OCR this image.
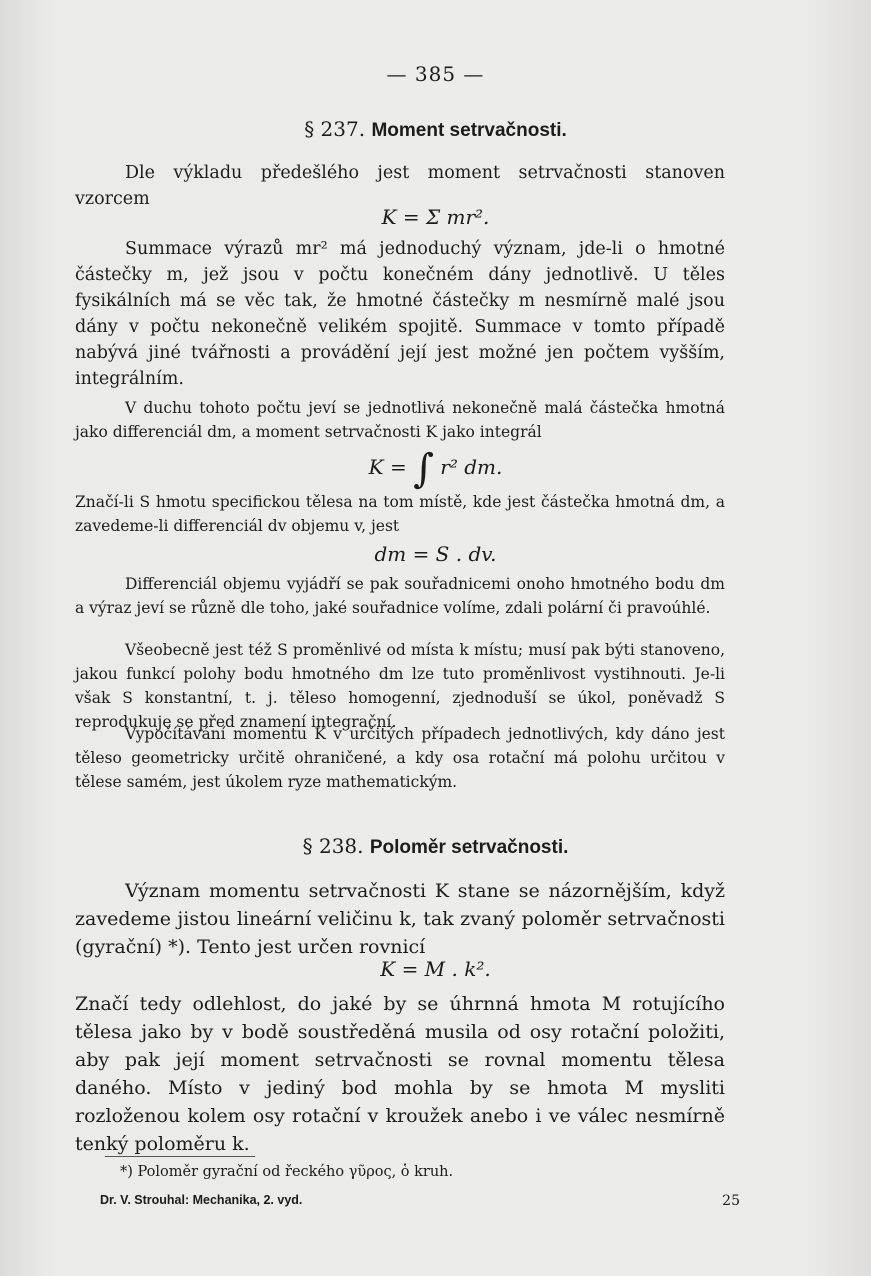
— 385 —
§ 237. Moment setrvačnosti.

Dle výkladu předešlého jest moment setrvačnosti stanoven vzorcem

K = Σ mr².

Summace výrazů mr² má jednoduchý význam, jde-li o hmotné částečky m, jež jsou v počtu konečném dány jednotlivě. U těles fysikálních má se věc tak, že hmotné částečky m nesmírně malé jsou dány v počtu nekonečně velikém spojitě. Summace v tomto případě nabývá jiné tvářnosti a provádění její jest možné jen počtem vyšším, integrálním.

V duchu tohoto počtu jeví se jednotlivá nekonečně malá částečka hmotná jako differenciál dm, a moment setrvačnosti K jako integrál

K = ∫ r² dm.

Značí-li S hmotu specifickou tělesa na tom místě, kde jest částečka hmotná dm, a zavedeme-li differenciál dv objemu v, jest

dm = S . dv.

Differenciál objemu vyjádří se pak souřadnicemi onoho hmotného bodu dm a výraz jeví se různě dle toho, jaké souřadnice volíme, zdali polární či pravoúhlé.

Všeobecně jest též S proměnlivé od místa k místu; musí pak býti stanoveno, jakou funkcí polohy bodu hmotného dm lze tuto proměnlivost vystihnouti. Je-li však S konstantní, t. j. těleso homogenní, zjednoduší se úkol, poněvadž S reprodukuje se před znamení integrační.

Vypočítávání momentu K v určitých případech jednotlivých, kdy dáno jest těleso geometricky určitě ohraničené, a kdy osa rotační má polohu určitou v tělese samém, jest úkolem ryze mathematickým.

§ 238. Poloměr setrvačnosti.

Význam momentu setrvačnosti K stane se názornějším, když zavedeme jistou lineární veličinu k, tak zvaný poloměr setrvačnosti (gyrační) *). Tento jest určen rovnicí

K = M . k².

Značí tedy odlehlost, do jaké by se úhrnná hmota M rotujícího tělesa jako by v bodě soustředěná musila od osy rotační položiti, aby pak její moment setrvačnosti se rovnal momentu tělesa daného. Místo v jediný bod mohla by se hmota M mysliti rozloženou kolem osy rotační v kroužek anebo i ve válec nesmírně tenký poloměru k.

*) Poloměr gyrační od řeckého γῦρος, ὁ kruh.
Dr. V. Strouhal: Mechanika, 2. vyd.	25
